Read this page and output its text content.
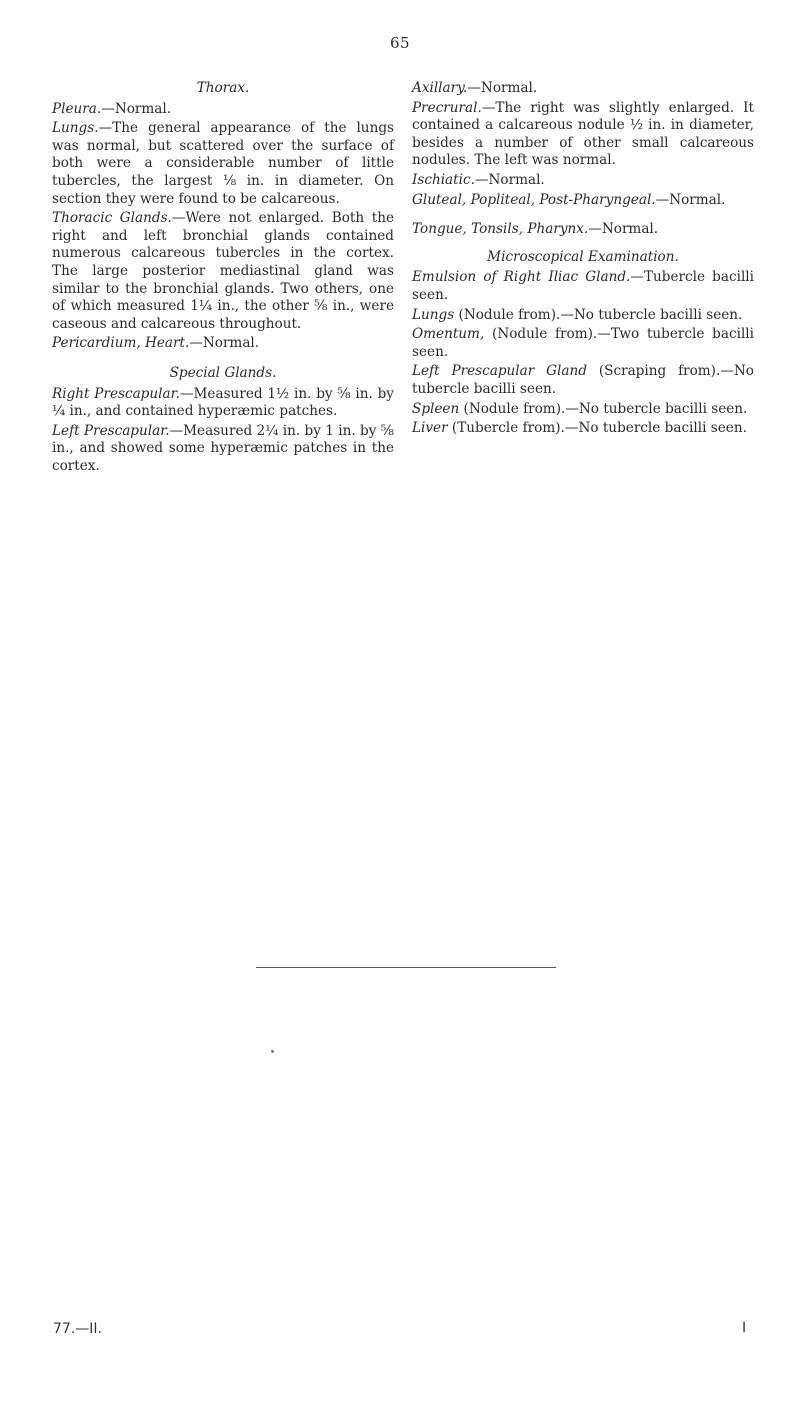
65
Thorax.

Pleura.—Normal.

Lungs.—The general appearance of the lungs was normal, but scattered over the surface of both were a considerable number of little tubercles, the largest ⅛ in. in diameter. On section they were found to be calcareous.

Thoracic Glands.—Were not enlarged. Both the right and left bronchial glands contained numerous calcareous tubercles in the cortex. The large posterior mediastinal gland was similar to the bronchial glands. Two others, one of which measured 1¼ in., the other ⅝ in., were caseous and calcareous throughout.

Pericardium, Heart.—Normal.

Special Glands.

Right Prescapular.—Measured 1½ in. by ⅝ in. by ¼ in., and contained hyperæmic patches.

Left Prescapular.—Measured 2¼ in. by 1 in. by ⅝ in., and showed some hyperæmic patches in the cortex.

Axillary.—Normal.

Precrural.—The right was slightly enlarged. It contained a calcareous nodule ½ in. in diameter, besides a number of other small calcareous nodules. The left was normal.

Ischiatic.—Normal.

Gluteal, Popliteal, Post-Pharyngeal.—Normal.

Tongue, Tonsils, Pharynx.—Normal.

Microscopical Examination.

Emulsion of Right Iliac Gland.—Tubercle bacilli seen.

Lungs (Nodule from).—No tubercle bacilli seen.

Omentum, (Nodule from).—Two tubercle bacilli seen.

Left Prescapular Gland (Scraping from).—No tubercle bacilli seen.

Spleen (Nodule from).—No tubercle bacilli seen.

Liver (Tubercle from).—No tubercle bacilli seen.

77.—II.	I
